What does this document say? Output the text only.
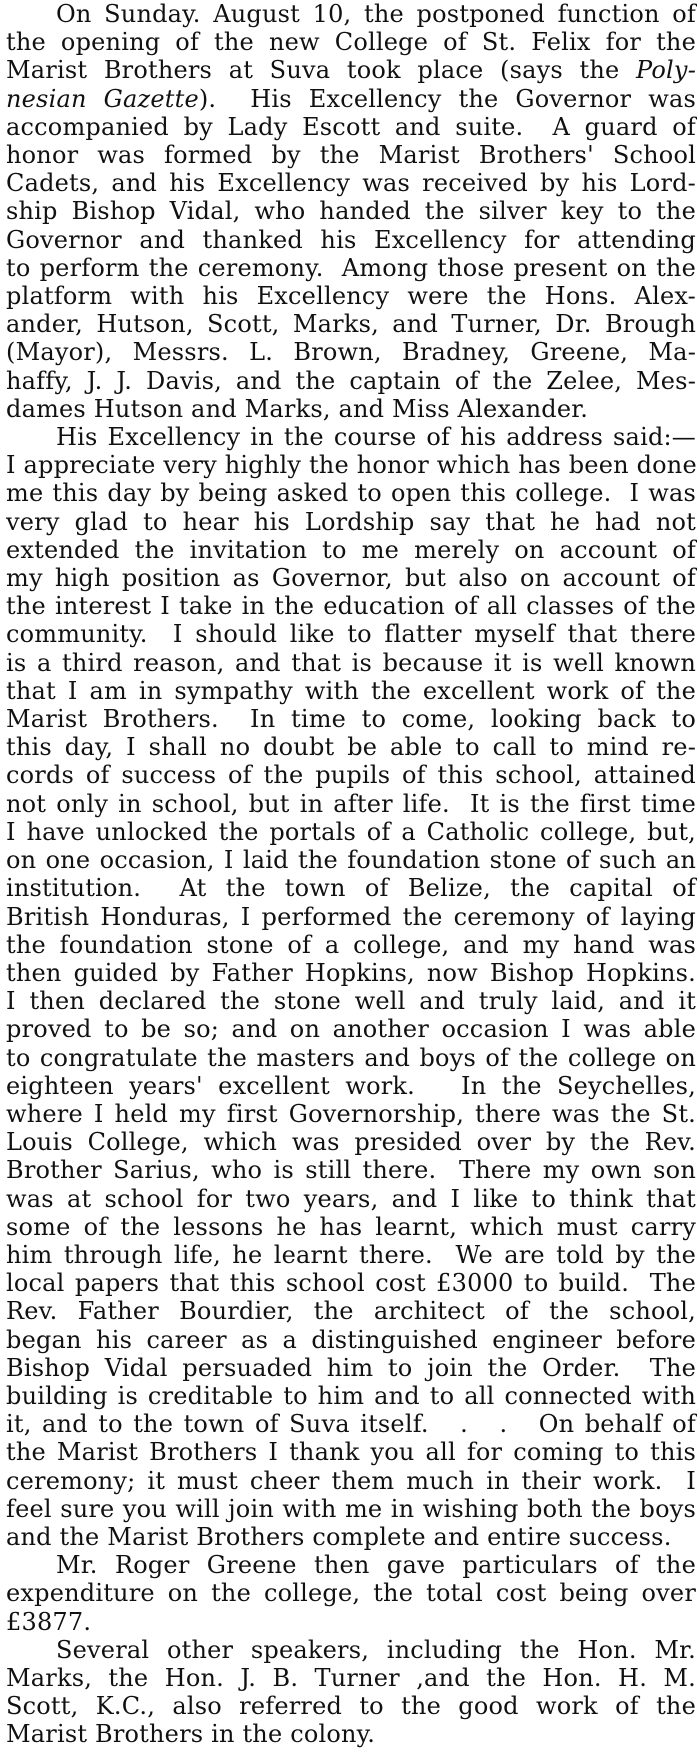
On Sunday. August 10, the postponed function of
the opening of the new College of St. Felix for the
Marist Brothers at Suva took place (says the Poly-
nesian Gazette).  His Excellency the Governor was
accompanied by Lady Escott and suite.  A guard of
honor was formed by the Marist Brothers' School
Cadets, and his Excellency was received by his Lord-
ship Bishop Vidal, who handed the silver key to the
Governor and thanked his Excellency for attending
to perform the ceremony.  Among those present on the
platform with his Excellency were the Hons. Alex-
ander, Hutson, Scott, Marks, and Turner, Dr. Brough
(Mayor), Messrs. L. Brown, Bradney, Greene, Ma-
haffy, J. J. Davis, and the captain of the Zelee, Mes-
dames Hutson and Marks, and Miss Alexander.
His Excellency in the course of his address said:—
I appreciate very highly the honor which has been done
me this day by being asked to open this college.  I was
very glad to hear his Lordship say that he had not
extended the invitation to me merely on account of
my high position as Governor, but also on account of
the interest I take in the education of all classes of the
community.  I should like to flatter myself that there
is a third reason, and that is because it is well known
that I am in sympathy with the excellent work of the
Marist Brothers.  In time to come, looking back to
this day, I shall no doubt be able to call to mind re-
cords of success of the pupils of this school, attained
not only in school, but in after life.  It is the first time
I have unlocked the portals of a Catholic college, but,
on one occasion, I laid the foundation stone of such an
institution.  At the town of Belize, the capital of
British Honduras, I performed the ceremony of laying
the foundation stone of a college, and my hand was
then guided by Father Hopkins, now Bishop Hopkins.
I then declared the stone well and truly laid, and it
proved to be so; and on another occasion I was able
to congratulate the masters and boys of the college on
eighteen years' excellent work.   In the Seychelles,
where I held my first Governorship, there was the St.
Louis College, which was presided over by the Rev.
Brother Sarius, who is still there.  There my own son
was at school for two years, and I like to think that
some of the lessons he has learnt, which must carry
him through life, he learnt there.  We are told by the
local papers that this school cost £3000 to build.  The
Rev. Father Bourdier, the architect of the school,
began his career as a distinguished engineer before
Bishop Vidal persuaded him to join the Order.  The
building is creditable to him and to all connected with
it, and to the town of Suva itself.   .   .   On behalf of
the Marist Brothers I thank you all for coming to this
ceremony; it must cheer them much in their work.  I
feel sure you will join with me in wishing both the boys
and the Marist Brothers complete and entire success.
Mr. Roger Greene then gave particulars of the
expenditure on the college, the total cost being over
£3877.
Several other speakers, including the Hon. Mr.
Marks, the Hon. J. B. Turner ,and the Hon. H. M.
Scott, K.C., also referred to the good work of the
Marist Brothers in the colony.
